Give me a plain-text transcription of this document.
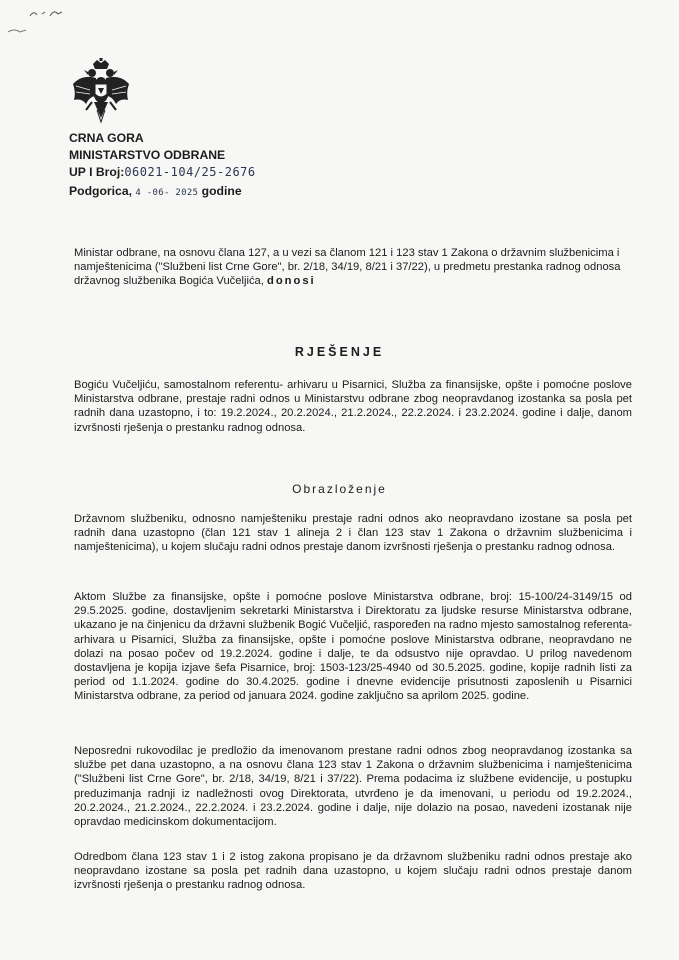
CRNA GORA
MINISTARSTVO ODBRANE
UP I Broj:06021-104/25-2676
Podgorica, 4 -06- 2025 godine

Ministar odbrane, na osnovu člana 127, a u vezi sa članom 121 i 123 stav 1 Zakona o državnim službenicima i namještenicima ("Službeni list Crne Gore", br. 2/18, 34/19, 8/21 i 37/22), u predmetu prestanka radnog odnosa državnog službenika Bogića Vučeljića, donosi

RJEŠENJE

Bogiću Vučeljiću, samostalnom referentu- arhivaru u Pisarnici, Služba za finansijske, opšte i pomoćne poslove Ministarstva odbrane, prestaje radni odnos u Ministarstvu odbrane zbog neopravdanog izostanka sa posla pet radnih dana uzastopno, i to: 19.2.2024., 20.2.2024., 21.2.2024., 22.2.2024. i 23.2.2024. godine i dalje, danom izvršnosti rješenja o prestanku radnog odnosa.

Obrazloženje

Državnom službeniku, odnosno namješteniku prestaje radni odnos ako neopravdano izostane sa posla pet radnih dana uzastopno (član 121 stav 1 alineja 2 i član 123 stav 1 Zakona o državnim službenicima i namještenicima), u kojem slučaju radni odnos prestaje danom izvršnosti rješenja o prestanku radnog odnosa.

Aktom Službe za finansijske, opšte i pomoćne poslove Ministarstva odbrane, broj: 15-100/24-3149/15 od 29.5.2025. godine, dostavljenim sekretarki Ministarstva i Direktoratu za ljudske resurse Ministarstva odbrane, ukazano je na činjenicu da državni službenik Bogić Vučeljić, raspoređen na radno mjesto samostalnog referenta- arhivara u Pisarnici, Služba za finansijske, opšte i pomoćne poslove Ministarstva odbrane, neopravdano ne dolazi na posao počev od 19.2.2024. godine i dalje, te da odsustvo nije opravdao. U prilog navedenom dostavljena je kopija izjave šefa Pisarnice, broj: 1503-123/25-4940 od 30.5.2025. godine, kopije radnih listi za period od 1.1.2024. godine do 30.4.2025. godine i dnevne evidencije prisutnosti zaposlenih u Pisarnici Ministarstva odbrane, za period od januara 2024. godine zaključno sa aprilom 2025. godine.

Neposredni rukovodilac je predložio da imenovanom prestane radni odnos zbog neopravdanog izostanka sa službe pet dana uzastopno, a na osnovu člana 123 stav 1 Zakona o državnim službenicima i namještenicima ("Službeni list Crne Gore", br. 2/18, 34/19, 8/21 i 37/22). Prema podacima iz službene evidencije, u postupku preduzimanja radnji iz nadležnosti ovog Direktorata, utvrđeno je da imenovani, u periodu od 19.2.2024., 20.2.2024., 21.2.2024., 22.2.2024. i 23.2.2024. godine i dalje, nije dolazio na posao, navedeni izostanak nije opravdao medicinskom dokumentacijom.

Odredbom člana 123 stav 1 i 2 istog zakona propisano je da državnom službeniku radni odnos prestaje ako neopravdano izostane sa posla pet radnih dana uzastopno, u kojem slučaju radni odnos prestaje danom izvršnosti rješenja o prestanku radnog odnosa.
